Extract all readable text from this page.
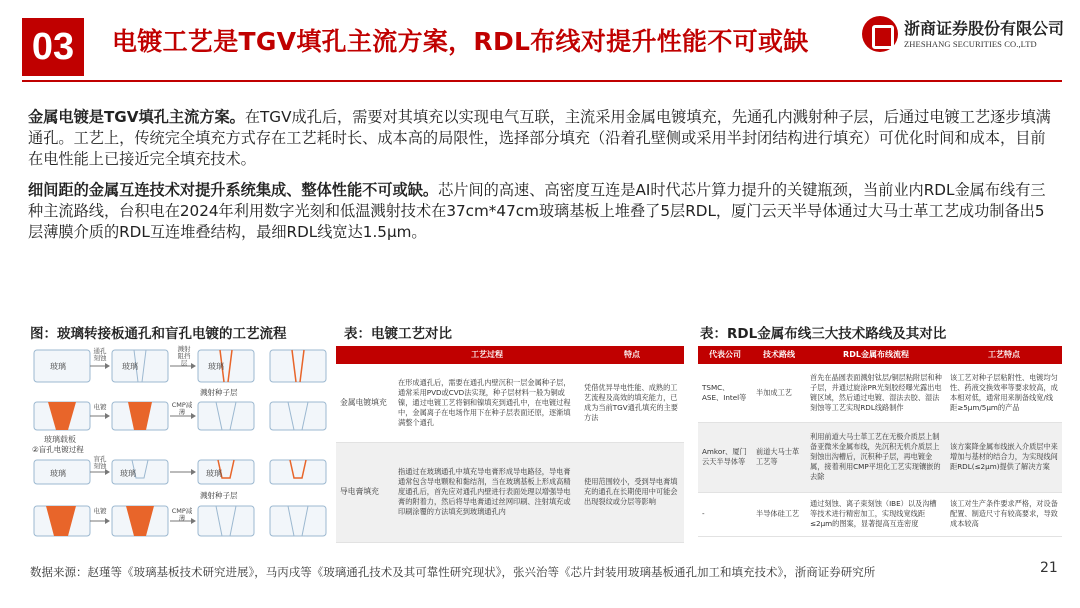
03	电镀工艺是TGV填孔主流方案，RDL布线对提升性能不可或缺	浙商证券股份有限公司
ZHESHANG SECURITIES CO.,LTD
金属电镀是TGV填孔主流方案。在TGV成孔后，需要对其填充以实现电气互联，主流采用金属电镀填充，先通孔内溅射种子层，后通过电镀工艺逐步填满通孔。工艺上，传统完全填充方式存在工艺耗时长、成本高的局限性，选择部分填充（沿着孔壁侧或采用半封闭结构进行填充）可优化时间和成本，目前在电性能上已接近完全填充技术。
细间距的金属互连技术对提升系统集成、整体性能不可或缺。芯片间的高速、高密度互连是AI时代芯片算力提升的关键瓶颈，当前业内RDL金属布线有三种主流路线，台积电在2024年利用数字光刻和低温溅射技术在37cm*47cm玻璃基板上堆叠了5层RDL，厦门云天半导体通过大马士革工艺成功制备出5层薄膜介质的RDL互连堆叠结构，最细RDL线宽达1.5μm。
图：玻璃转接板通孔和盲孔电镀的工艺流程	表：电镀工艺对比	表：RDL金属布线三大技术路线及其对比
玻璃	玻璃	玻璃
通孔刻蚀
溅射阻挡层
溅射种子层
玻璃载板
CMP减薄
电镀
②盲孔电镀过程
玻璃	玻璃	玻璃
盲孔刻蚀
溅射种子层
电镀	CMP减薄
	工艺过程	特点
金属电镀填充	在形成通孔后，需要在通孔内壁沉积一层金属种子层，通常采用PVD或CVD法实现，种子层材料一般为铜或镍，通过电镀工艺将铜和镍填充到通孔中，在电镀过程中，金属离子在电场作用下在种子层表面还原，逐渐填满整个通孔	凭借优异导电性能、成熟的工艺流程及高效的填充能力，已成为当前TGV通孔填充的主要方法
导电膏填充	指通过在玻璃通孔中填充导电膏形成导电路径，导电膏通常包含导电颗粒和黏结剂，当在玻璃基板上形成高精度通孔后，首先应对通孔内壁进行表面处理以增强导电膏的附着力，然后将导电膏通过丝网印刷、注射填充或印刷涂覆的方法填充到玻璃通孔内	使用范围较小，受到导电膏填充的通孔在长期使用中可能会出现裂纹或分层等影响
代表公司	技术路线	RDL金属布线流程	工艺特点
TSMC、ASE、Intel等	半加成工艺	首先在晶圆表面溅射钛层/铜层粘附层和种子层，并通过旋涂PR光刻胶经曝光露出电镀区域，然后通过电镀、湿法去胶、湿法刻蚀等工艺实现RDL线路制作	该工艺对种子层粘附性、电镀均匀性、药液交换效率等要求较高，成本相对低，通常用来制备线宽/线距≥5μm/5μm的产品
Amkor、厦门云天半导体等	前道大马士革工艺等	利用前道大马士革工艺在无极介质层上制备亚微米金属布线，先沉积无机介质层上刻蚀出沟槽后，沉积种子层，再电镀金属，接着利用CMP平坦化工艺实现镶嵌的去除	该方案降金属布线嵌入介质层中来增加与基材的结合力，为实现线间距RDL(≤2μm)提供了解决方案
-	半导体硅工艺	通过刻蚀、离子束刻蚀（IBE）以及沟槽等技术进行精密加工，实现线宽线距≤2μm的图案，显著提高互连密度	该工对生产条件要求严格，对设备配置、制造尺寸有较高要求，导致成本较高
数据来源：赵瑾等《玻璃基板技术研究进展》，马丙戌等《玻璃通孔技术及其可靠性研究现状》，张兴治等《芯片封装用玻璃基板通孔加工和填充技术》，浙商证券研究所	21
